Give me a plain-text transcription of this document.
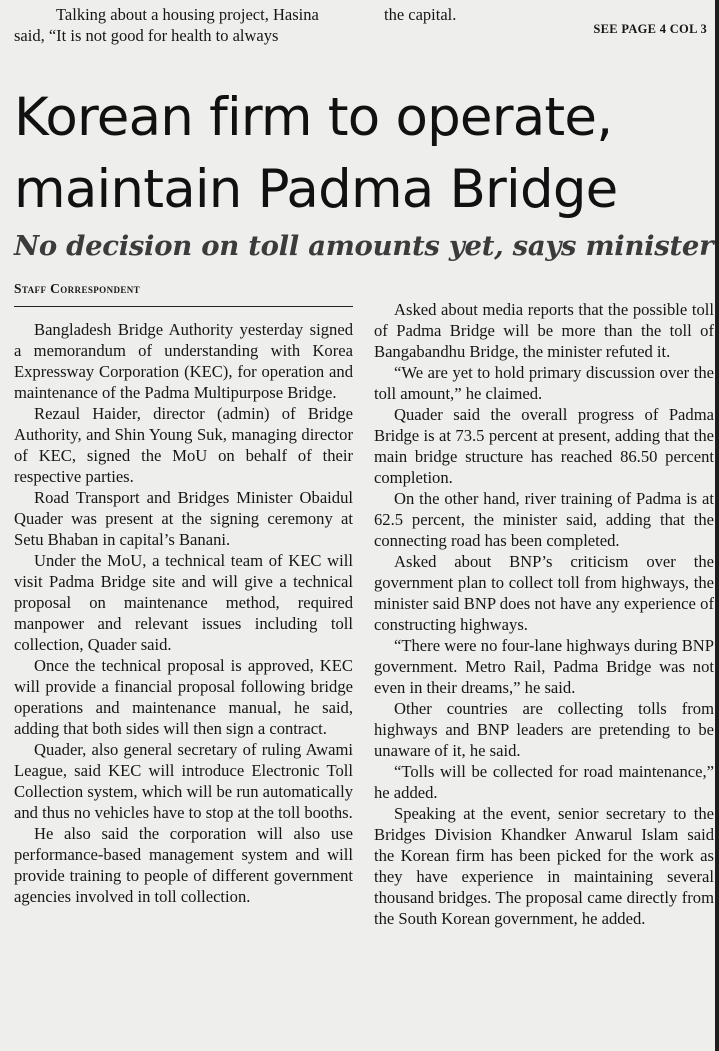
Talking about a housing project, Hasina
said, “It is not good for health to always
the capital.
SEE PAGE 4 COL 3
Korean firm to operate, maintain Padma Bridge
No decision on toll amounts yet, says minister
Staff Correspondent

Bangladesh Bridge Authority yesterday signed a memorandum of understanding with Korea Expressway Corporation (KEC), for operation and maintenance of the Padma Multipurpose Bridge.

Rezaul Haider, director (admin) of Bridge Authority, and Shin Young Suk, managing director of KEC, signed the MoU on behalf of their respective parties.

Road Transport and Bridges Minister Obaidul Quader was present at the signing ceremony at Setu Bhaban in capital’s Banani.

Under the MoU, a technical team of KEC will visit Padma Bridge site and will give a technical proposal on maintenance method, required manpower and relevant issues including toll collection, Quader said.

Once the technical proposal is approved, KEC will provide a financial proposal following bridge operations and maintenance manual, he said, adding that both sides will then sign a contract.

Quader, also general secretary of ruling Awami League, said KEC will introduce Electronic Toll Collection system, which will be run automatically and thus no vehicles have to stop at the toll booths.

He also said the corporation will also use performance-based management system and will provide training to people of different government agencies involved in toll collection.

Asked about media reports that the possible toll of Padma Bridge will be more than the toll of Bangabandhu Bridge, the minister refuted it.

“We are yet to hold primary discussion over the toll amount,” he claimed.

Quader said the overall progress of Padma Bridge is at 73.5 percent at present, adding that the main bridge structure has reached 86.50 percent completion.

On the other hand, river training of Padma is at 62.5 percent, the minister said, adding that the connecting road has been completed.

Asked about BNP’s criticism over the government plan to collect toll from highways, the minister said BNP does not have any experience of constructing highways.

“There were no four-lane highways during BNP government. Metro Rail, Padma Bridge was not even in their dreams,” he said.

Other countries are collecting tolls from highways and BNP leaders are pretending to be unaware of it, he said.

“Tolls will be collected for road maintenance,” he added.

Speaking at the event, senior secretary to the Bridges Division Khandker Anwarul Islam said the Korean firm has been picked for the work as they have experience in maintaining several thousand bridges. The proposal came directly from the South Korean government, he added.
